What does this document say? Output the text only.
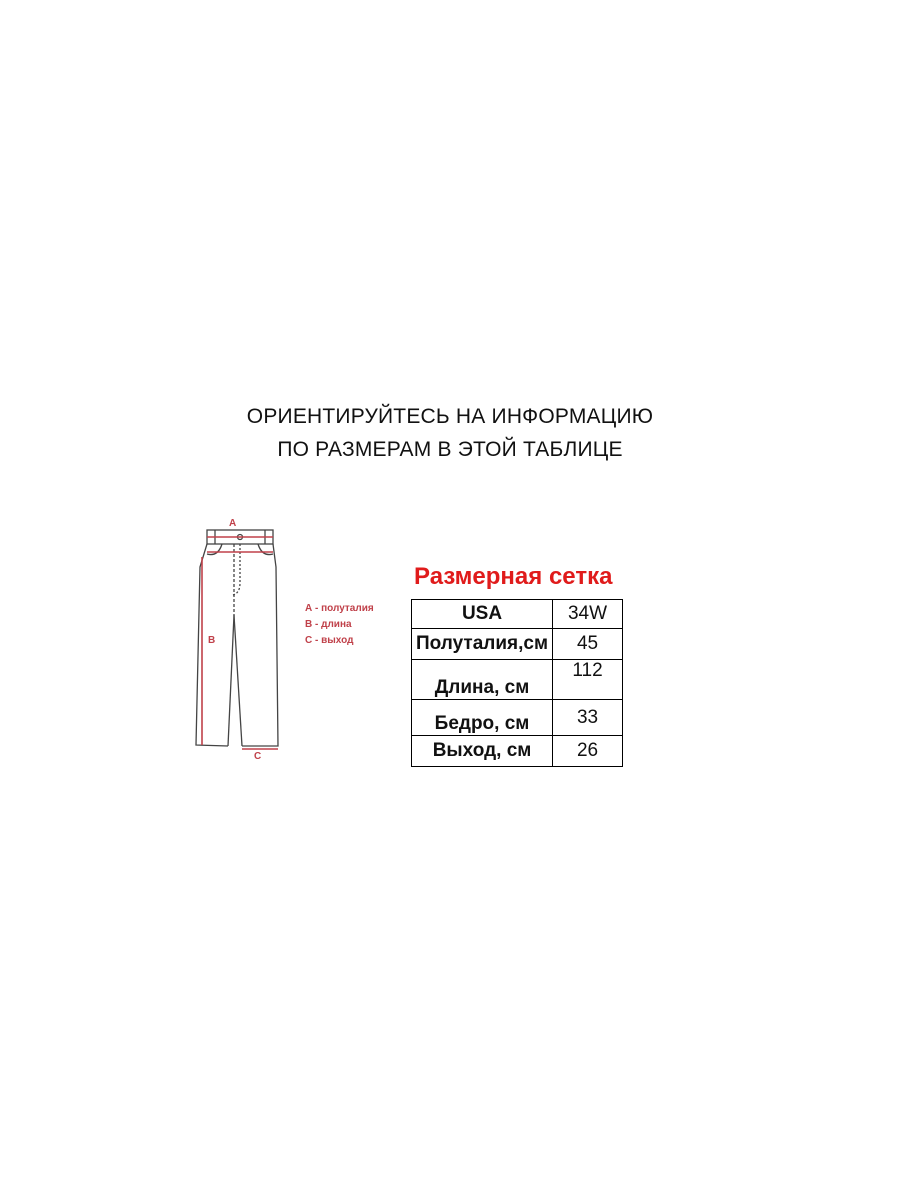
ОРИЕНТИРУЙТЕСЬ НА ИНФОРМАЦИЮ
ПО РАЗМЕРАМ В ЭТОЙ ТАБЛИЦЕ
A
B
C
А - полуталия
В - длина
С - выход
Размерная сетка
USA	34W
Полуталия,см	45
Длина, см	112
Бедро, см	33
Выход, см	26
